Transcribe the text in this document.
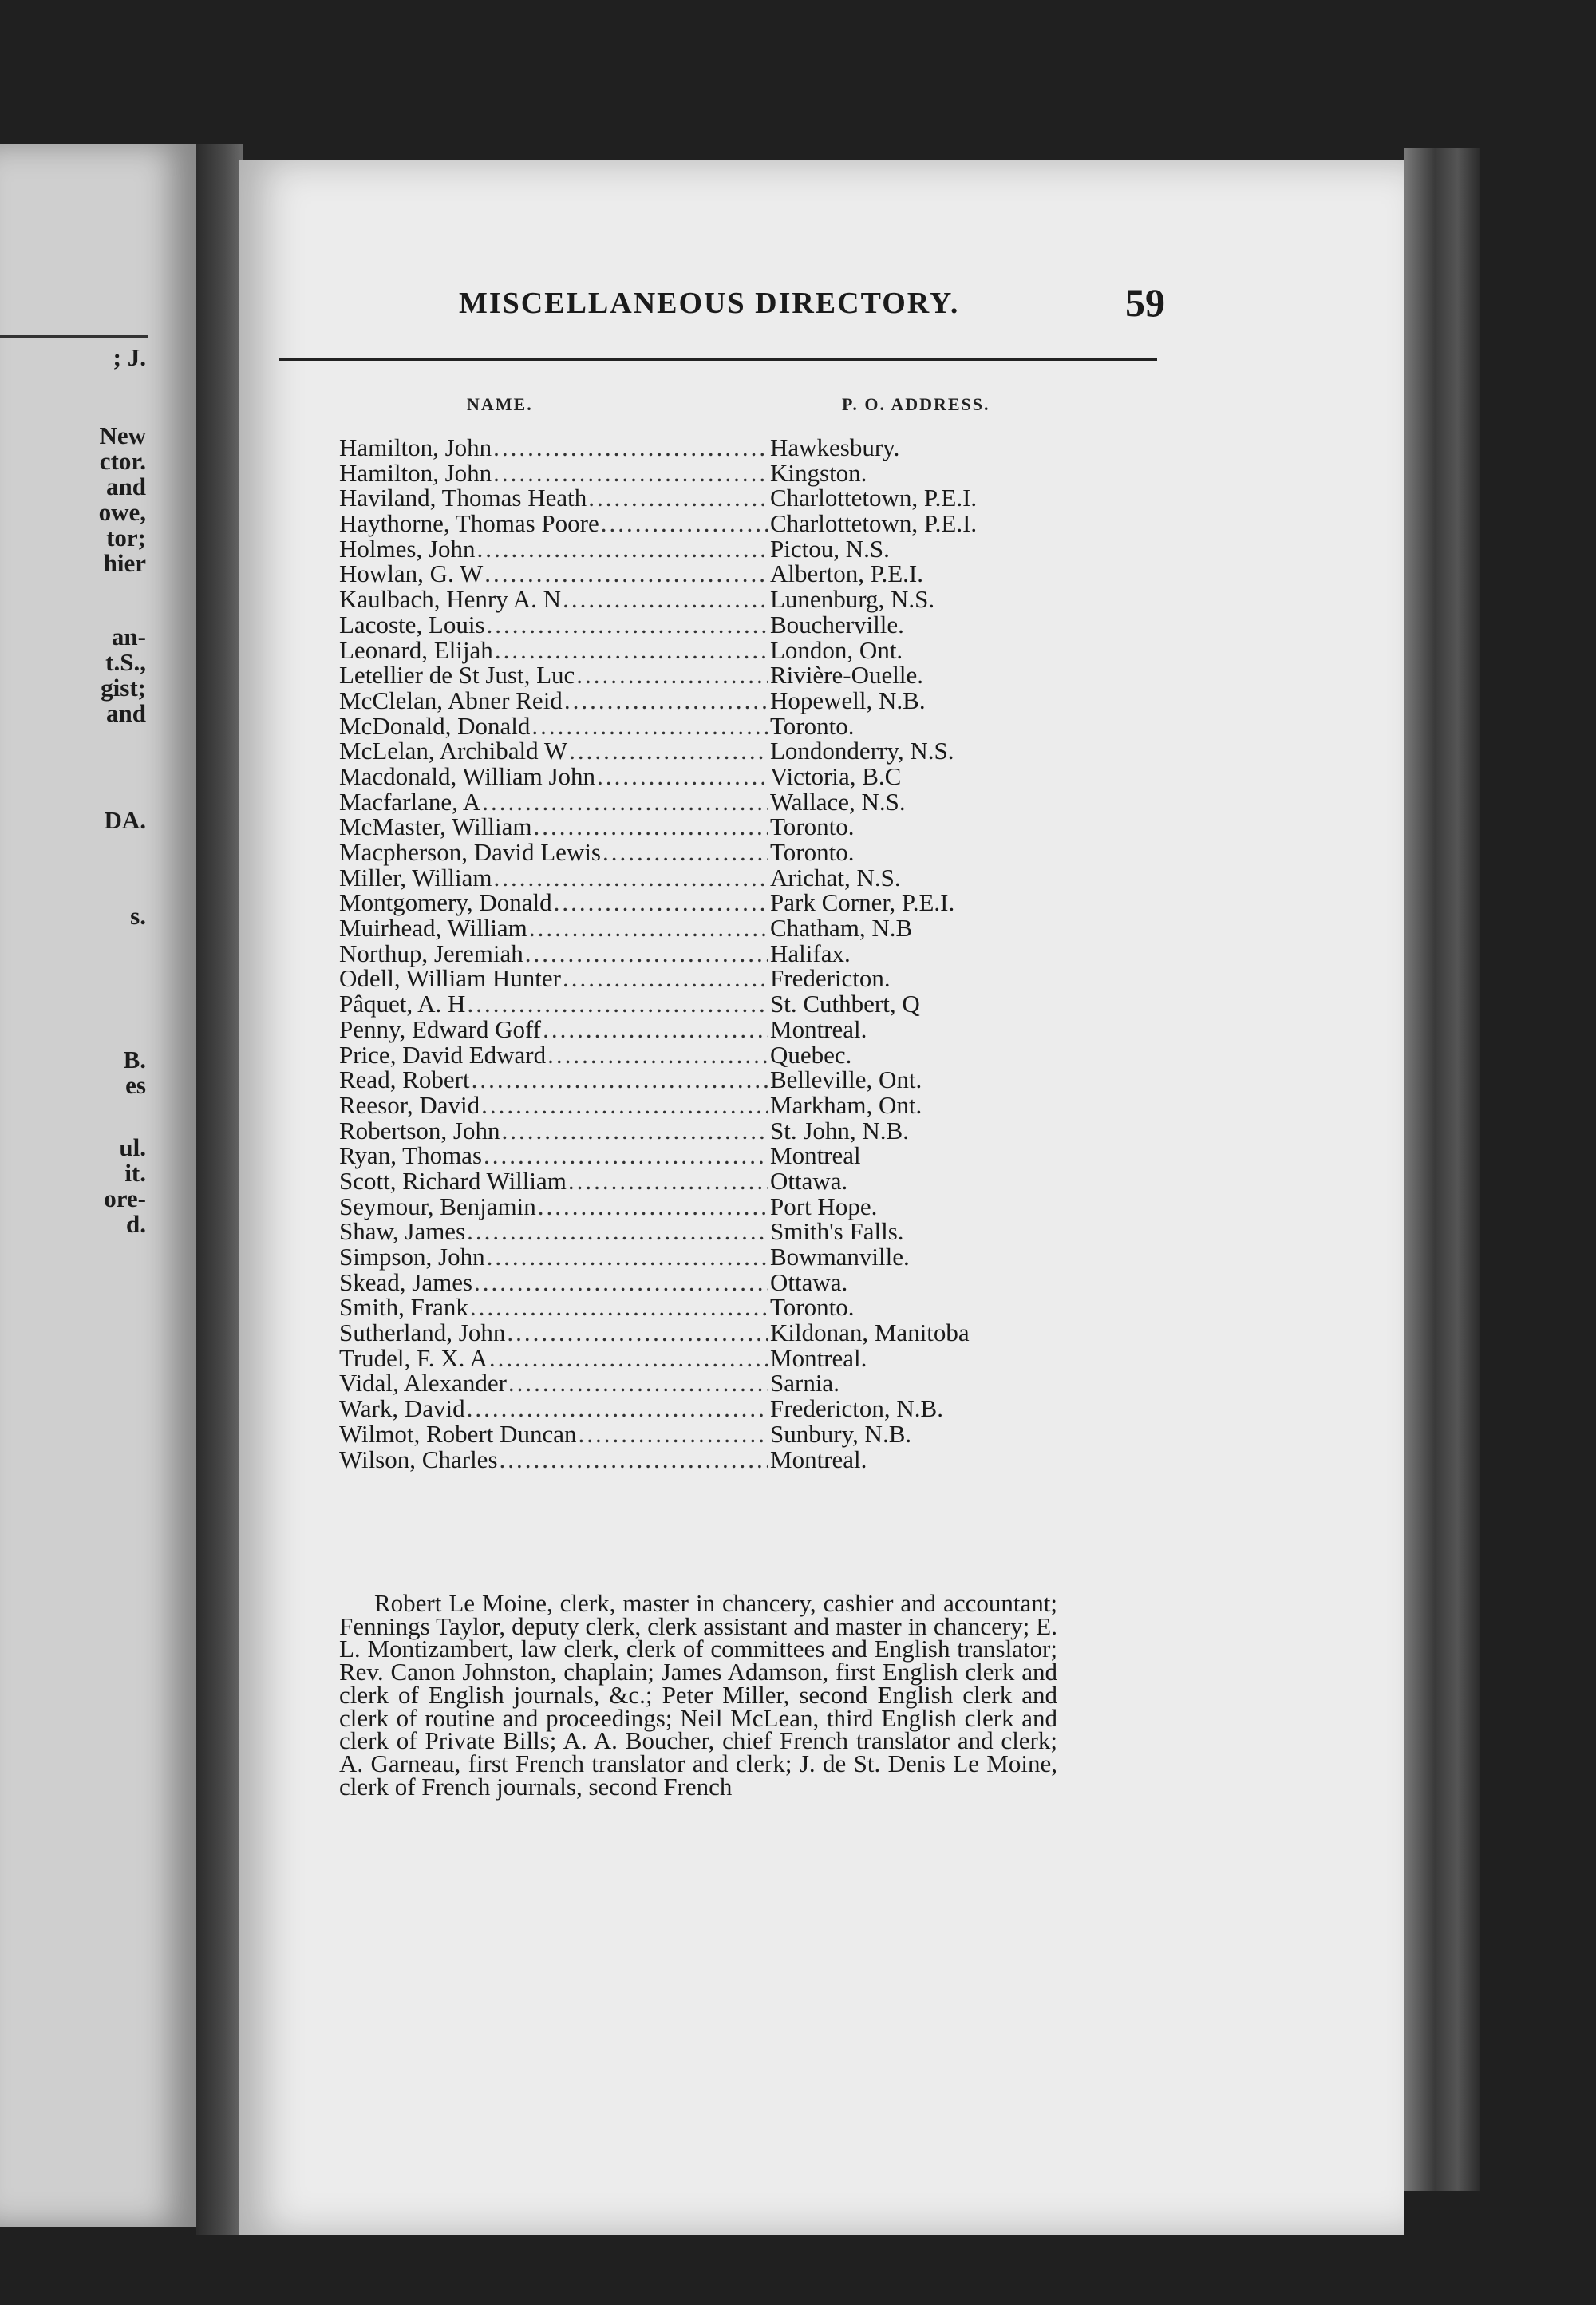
; J.

New

ctor.

and

owe,

tor;

hier

an-

t.S.,

gist;

and

DA.

s.

B.

es

ul.

it.

ore-

d.

MISCELLANEOUS DIRECTORY.	59
NAME.	P. O. ADDRESS.
Hamilton, John .....	Hawkesbury.
Hamilton, John .....	Kingston.
Haviland, Thomas Heath .....	Charlottetown, P.E.I.
Haythorne, Thomas Poore .....	Charlottetown, P.E.I.
Holmes, John .....	Pictou, N.S.
Howlan, G. W .....	Alberton, P.E.I.
Kaulbach, Henry A. N .....	Lunenburg, N.S.
Lacoste, Louis .....	Boucherville.
Leonard, Elijah .....	London, Ont.
Letellier de St Just, Luc .....	Rivière-Ouelle.
McClelan, Abner Reid .....	Hopewell, N.B.
McDonald, Donald .....	Toronto.
McLelan, Archibald W .....	Londonderry, N.S.
Macdonald, William John .....	Victoria, B.C
Macfarlane, A .....	Wallace, N.S.
McMaster, William .....	Toronto.
Macpherson, David Lewis .....	Toronto.
Miller, William .....	Arichat, N.S.
Montgomery, Donald .....	Park Corner, P.E.I.
Muirhead, William .....	Chatham, N.B
Northup, Jeremiah .....	Halifax.
Odell, William Hunter .....	Fredericton.
Pâquet, A. H .....	St. Cuthbert, Q
Penny, Edward Goff .....	Montreal.
Price, David Edward .....	Quebec.
Read, Robert .....	Belleville, Ont.
Reesor, David .....	Markham, Ont.
Robertson, John .....	St. John, N.B.
Ryan, Thomas .....	Montreal
Scott, Richard William .....	Ottawa.
Seymour, Benjamin .....	Port Hope.
Shaw, James .....	Smith's Falls.
Simpson, John .....	Bowmanville.
Skead, James .....	Ottawa.
Smith, Frank .....	Toronto.
Sutherland, John .....	Kildonan, Manitoba
Trudel, F. X. A .....	Montreal.
Vidal, Alexander .....	Sarnia.
Wark, David .....	Fredericton, N.B.
Wilmot, Robert Duncan .....	Sunbury, N.B.
Wilson, Charles .....	Montreal.

Robert Le Moine, clerk, master in chancery, cashier and accountant; Fennings Taylor, deputy clerk, clerk assistant and master in chancery; E. L. Montizambert, law clerk, clerk of committees and English translator; Rev. Canon Johnston, chaplain; James Adamson, first English clerk and clerk of English journals, &c.; Peter Miller, second English clerk and clerk of routine and proceedings; Neil McLean, third English clerk and clerk of Private Bills; A. A. Boucher, chief French translator and clerk; A. Garneau, first French translator and clerk; J. de St. Denis Le Moine, clerk of French journals, second French
